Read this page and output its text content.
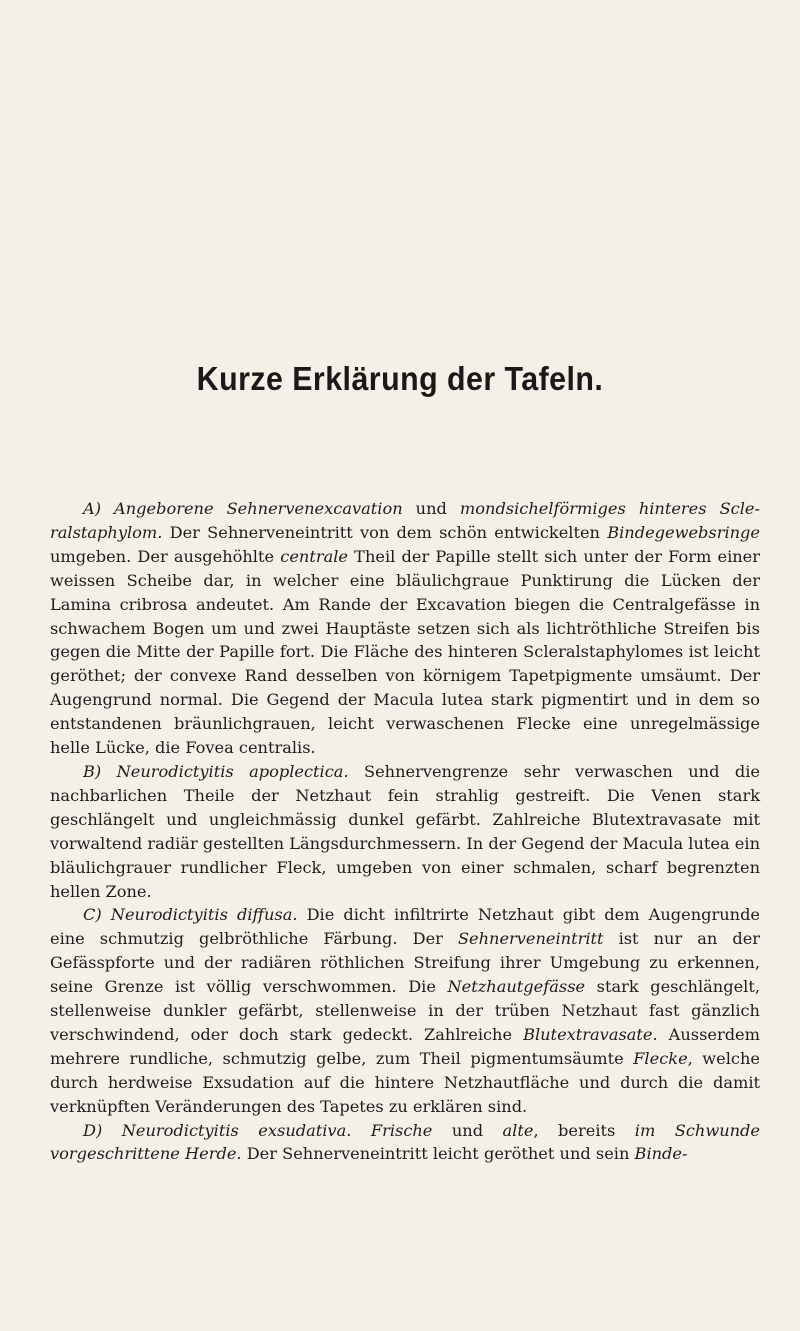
Kurze Erklärung der Tafeln.

A) Angeborene Sehnervenexcavation und mondsichelförmiges hinteres Scleralstaphylom. Der Sehnerveneintritt von dem schön entwickelten Bindegewebsringe umgeben. Der ausgehöhlte centrale Theil der Papille stellt sich unter der Form einer weissen Scheibe dar, in welcher eine bläulichgraue Punktirung die Lücken der Lamina cribrosa andeutet. Am Rande der Excavation biegen die Centralgefässe in schwachem Bogen um und zwei Hauptäste setzen sich als lichtröthliche Streifen bis gegen die Mitte der Papille fort. Die Fläche des hinteren Scleralstaphylomes ist leicht geröthet; der convexe Rand desselben von körnigem Tapetpigmente umsäumt. Der Augengrund normal. Die Gegend der Macula lutea stark pigmentirt und in dem so entstandenen bräunlichgrauen, leicht verwaschenen Flecke eine unregelmässige helle Lücke, die Fovea centralis.

B) Neurodictyitis apoplectica. Sehnervengrenze sehr verwaschen und die nachbarlichen Theile der Netzhaut fein strahlig gestreift. Die Venen stark geschlängelt und ungleichmässig dunkel gefärbt. Zahlreiche Blutextravasate mit vorwaltend radiär gestellten Längsdurchmessern. In der Gegend der Macula lutea ein bläulichgrauer rundlicher Fleck, umgeben von einer schmalen, scharf begrenzten hellen Zone.

C) Neurodictyitis diffusa. Die dicht infiltrirte Netzhaut gibt dem Augengrunde eine schmutzig gelbröthliche Färbung. Der Sehnerveneintritt ist nur an der Gefässpforte und der radiären röthlichen Streifung ihrer Umgebung zu erkennen, seine Grenze ist völlig verschwommen. Die Netzhautgefässe stark geschlängelt, stellenweise dunkler gefärbt, stellenweise in der trüben Netzhaut fast gänzlich verschwindend, oder doch stark gedeckt. Zahlreiche Blutextravasate. Ausserdem mehrere rundliche, schmutzig gelbe, zum Theil pigmentumsäumte Flecke, welche durch herdweise Exsudation auf die hintere Netzhautfläche und durch die damit verknüpften Veränderungen des Tapetes zu erklären sind.

D) Neurodictyitis exsudativa. Frische und alte, bereits im Schwunde vorgeschrittene Herde. Der Sehnerveneintritt leicht geröthet und sein Binde-
